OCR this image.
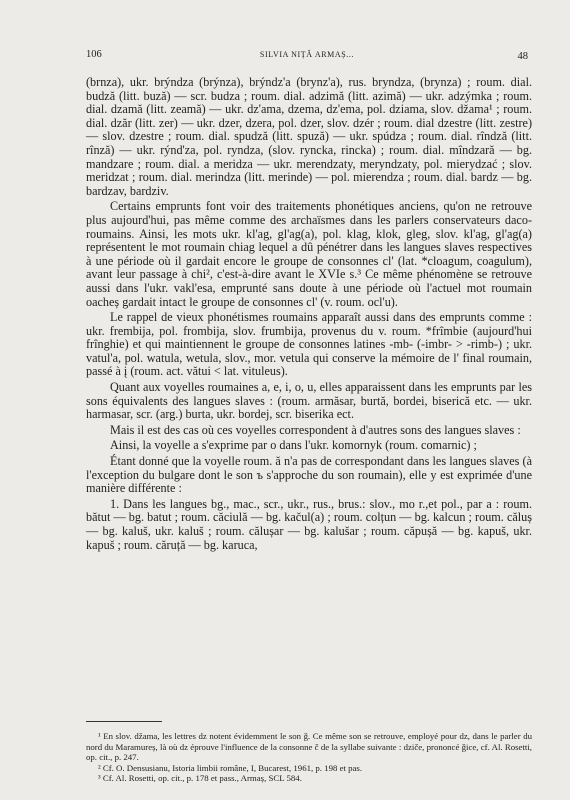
106	SILVIA NIȚĂ ARMAȘ...	48

(brnza), ukr. brýndza (brýnza), brýndz'a (brynz'a), rus. bryndza, (brynza) ; roum. dial. budză (litt. buză) — scr. budza ; roum. dial. adzimă (litt. azimă) — ukr. adzýmka ; roum. dial. dzamă (litt. zeamă) — ukr. dz'ama, dzema, dz'ema, pol. dziama, slov. džama¹ ; roum. dial. dzăr (litt. zer) — ukr. dzer, dzera, pol. dzer, slov. dzér ; roum. dial dzestre (litt. zestre) — slov. dzestre ; roum. dial. spudză (litt. spuză) — ukr. spúdza ; roum. dial. rîndză (litt. rînză) — ukr. rýnd'za, pol. ryndza, (slov. ryncka, rincka) ; roum. dial. mîndzară — bg. mandzare ; roum. dial. a meridza — ukr. merendzaty, meryndzaty, pol. mierydzać ; slov. meridzat ; roum. dial. merindza (litt. merinde) — pol. mierendza ; roum. dial. bardz — bg. bardzav, bardziv.

Certains emprunts font voir des traitements phonétiques anciens, qu'on ne retrouve plus aujourd'hui, pas même comme des archaïsmes dans les parlers conservateurs daco-roumains. Ainsi, les mots ukr. kl'ag, gl'ag(a), pol. klag, klok, gleg, slov. kl'ag, gl'ag(a) représentent le mot roumain chiag lequel a dû pénétrer dans les langues slaves respectives à une période où il gardait encore le groupe de consonnes cl' (lat. *cloagum, coagulum), avant leur passage à chi², c'est-à-dire avant le XVIe s.³ Ce même phénomène se retrouve aussi dans l'ukr. vakl'esa, emprunté sans doute à une période où l'actuel mot roumain oacheș gardait intact le groupe de consonnes cl' (v. roum. ocl'u).

Le rappel de vieux phonétismes roumains apparaît aussi dans des emprunts comme : ukr. frembija, pol. frombija, slov. frumbija, provenus du v. roum. *frîmbie (aujourd'hui frînghie) et qui maintiennent le groupe de consonnes latines -mb- (-imbr- > -rimb-) ; ukr. vatul'a, pol. watula, wetula, slov., mor. vetula qui conserve la mémoire de l' final roumain, passé à į (roum. act. vătui < lat. vituleus).

Quant aux voyelles roumaines a, e, i, o, u, elles apparaissent dans les emprunts par les sons équivalents des langues slaves : (roum. armăsar, burtă, bordei, biserică etc. — ukr. harmasar, scr. (arg.) burta, ukr. bordej, scr. biserika ect.

Mais il est des cas où ces voyelles correspondent à d'autres sons des langues slaves :

Ainsi, la voyelle a s'exprime par o dans l'ukr. komornyk (roum. comarnic) ;

Étant donné que la voyelle roum. ă n'a pas de correspondant dans les langues slaves (à l'exception du bulgare dont le son ъ s'approche du son roumain), elle y est exprimée d'une manière différente :

1. Dans les langues bg., mac., scr., ukr., rus., brus.: slov., mo r.,et pol., par a : roum. bătut — bg. batut ; roum. căciulă — bg. kačul(a) ; roum. colțun — bg. kalcun ; roum. căluș — bg. kaluš, ukr. kaluš ; roum. călușar — bg. kalušar ; roum. căpușă — bg. kapuš, ukr. kapuš ; roum. căruță — bg. karuca,

¹ En slov. džama, les lettres dz notent évidemment le son ǧ. Ce même son se retrouve, employé pour dz, dans le parler du nord du Maramureș, là où dz éprouve l'influence de la consonne č de la syllabe suivante : dziče, prononcé ǧice, cf. Al. Rosetti, op. cit., p. 247.

² Cf. O. Densusianu, Istoria limbii române, I, Bucarest, 1961, p. 198 et pas.

³ Cf. Al. Rosetti, op. cit., p. 178 et pass., Armaș, SCL 584.
